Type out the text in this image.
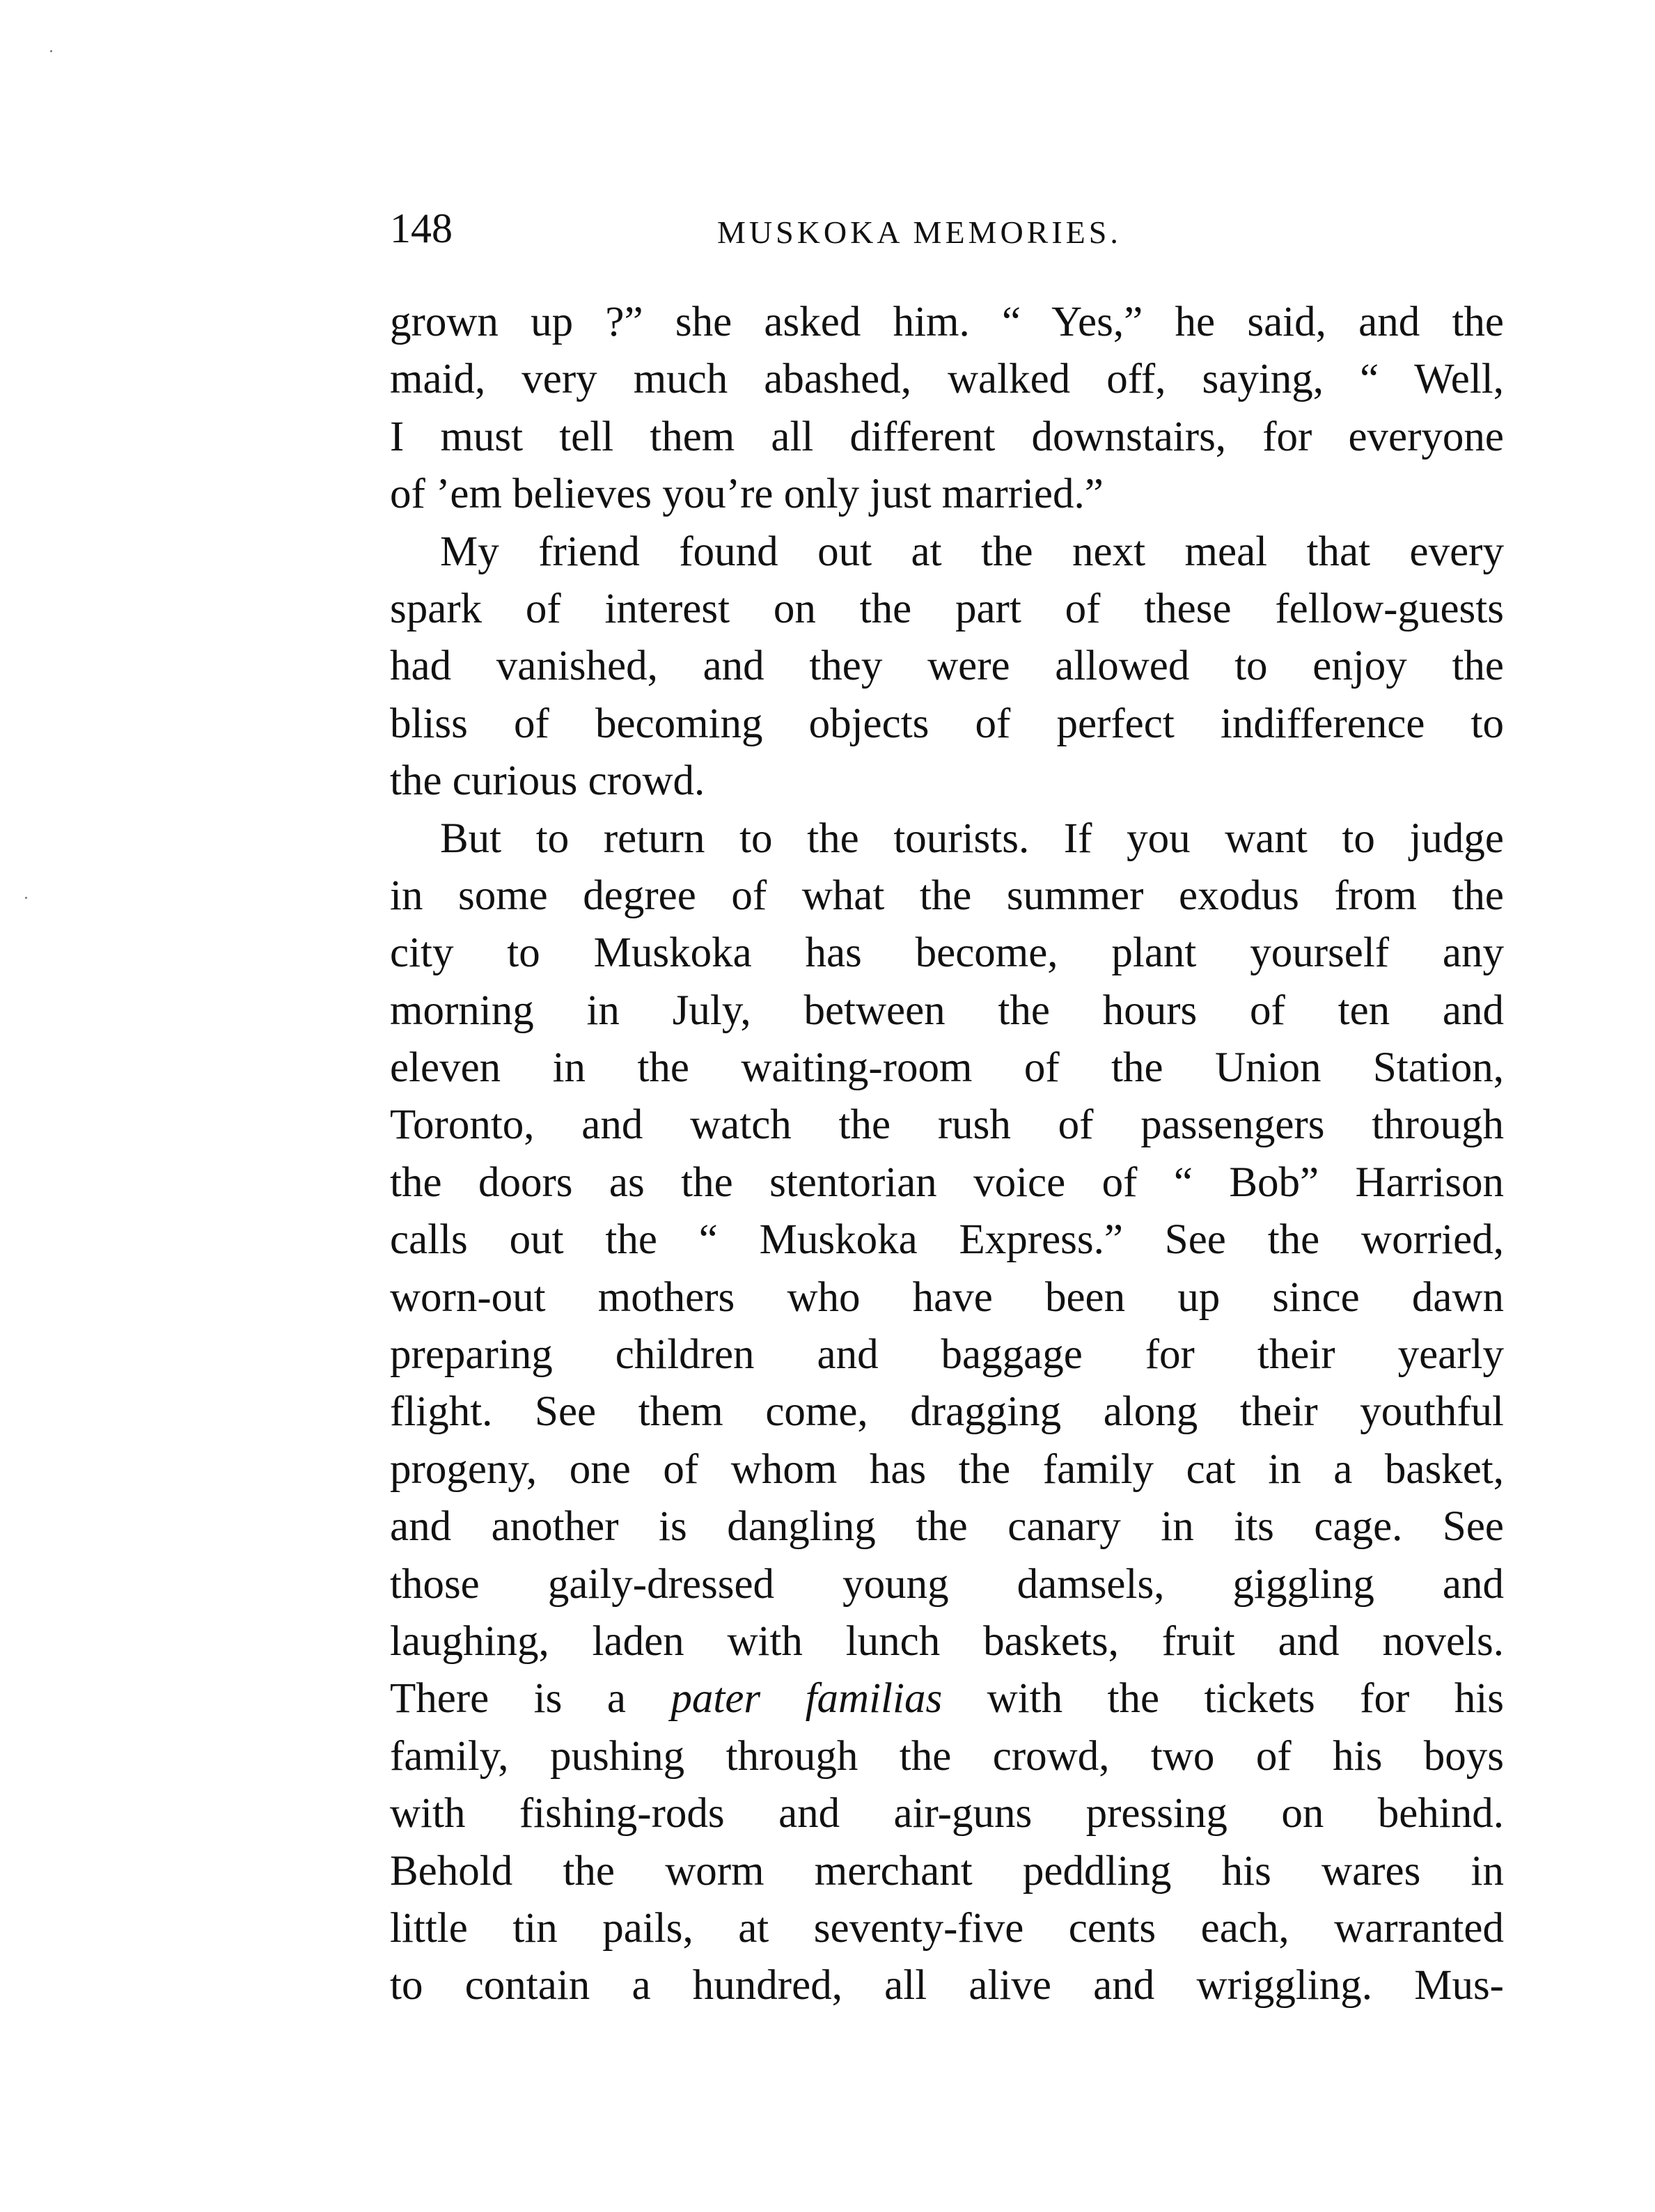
148	MUSKOKA MEMORIES.
grown up ?” she asked him. “ Yes,” he said, and the
maid, very much abashed, walked off, saying, “ Well,
I must tell them all different downstairs, for everyone
of ’em believes you’re only just married.”
My friend found out at the next meal that every
spark of interest on the part of these fellow-guests
had vanished, and they were allowed to enjoy the
bliss of becoming objects of perfect indifference to
the curious crowd.
But to return to the tourists. If you want to judge
in some degree of what the summer exodus from the
city to Muskoka has become, plant yourself any
morning in July, between the hours of ten and
eleven in the waiting-room of the Union Station,
Toronto, and watch the rush of passengers through
the doors as the stentorian voice of “ Bob” Harrison
calls out the “ Muskoka Express.” See the worried,
worn-out mothers who have been up since dawn
preparing children and baggage for their yearly
flight. See them come, dragging along their youthful
progeny, one of whom has the family cat in a basket,
and another is dangling the canary in its cage. See
those gaily-dressed young damsels, giggling and
laughing, laden with lunch baskets, fruit and novels.
There is a pater familias with the tickets for his
family, pushing through the crowd, two of his boys
with fishing-rods and air-guns pressing on behind.
Behold the worm merchant peddling his wares in
little tin pails, at seventy-five cents each, warranted
to contain a hundred, all alive and wriggling. Mus-
